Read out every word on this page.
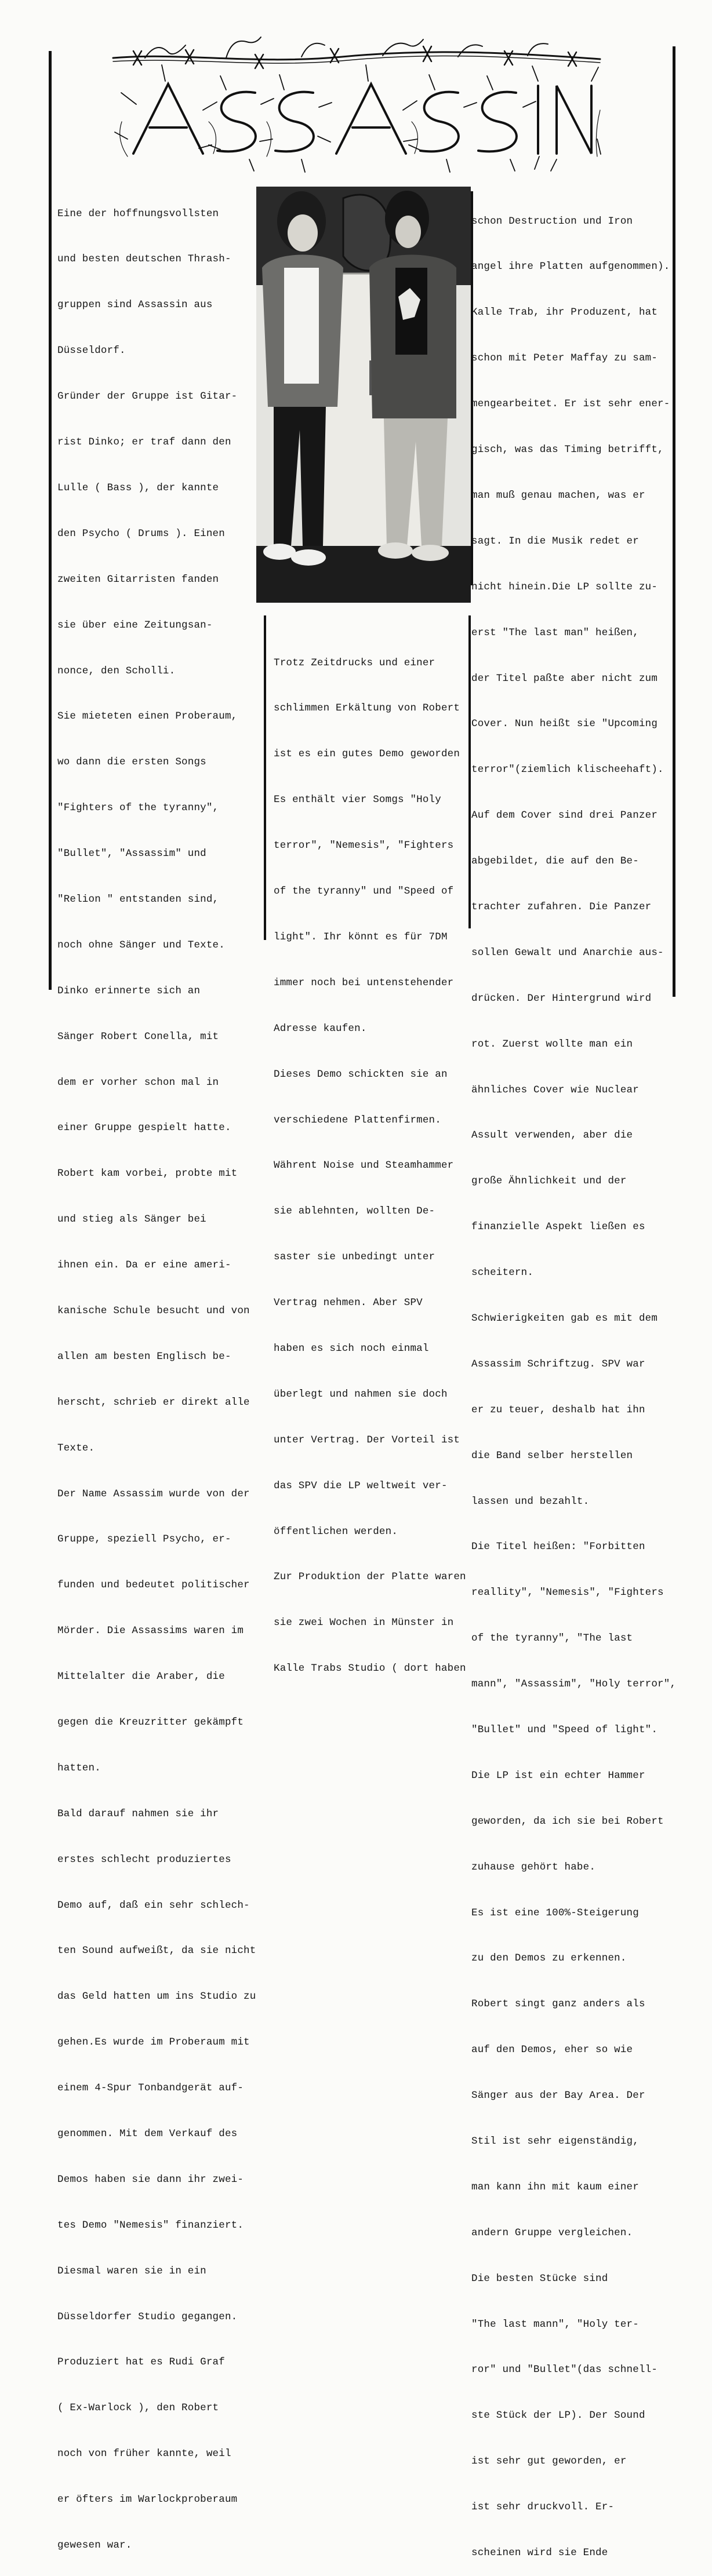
Eine der hoffnungsvollsten

und besten deutschen Thrash-

gruppen sind Assassin aus

Düsseldorf.

Gründer der Gruppe ist Gitar-

rist Dinko; er traf dann den

Lulle ( Bass ), der kannte

den Psycho ( Drums ). Einen

zweiten Gitarristen fanden

sie über eine Zeitungsan-

nonce, den Scholli.

Sie mieteten einen Proberaum,

wo dann die ersten Songs

"Fighters of the tyranny",

"Bullet", "Assassim" und

"Relion " entstanden sind,

noch ohne Sänger und Texte.

Dinko erinnerte sich an

Sänger Robert Conella, mit

dem er vorher schon mal in

einer Gruppe gespielt hatte.

Robert kam vorbei, probte mit

und stieg als Sänger bei

ihnen ein. Da er eine ameri-

kanische Schule besucht und von

allen am besten Englisch be-

herscht, schrieb er direkt alle

Texte.

Der Name Assassim wurde von der

Gruppe, speziell Psycho, er-

funden und bedeutet politischer

Mörder. Die Assassims waren im

Mittelalter die Araber, die

gegen die Kreuzritter gekämpft

hatten.

Bald darauf nahmen sie ihr

erstes schlecht produziertes

Demo auf, daß ein sehr schlech-

ten Sound aufweißt, da sie nicht

das Geld hatten um ins Studio zu

gehen.Es wurde im Proberaum mit

einem 4-Spur Tonbandgerät auf-

genommen. Mit dem Verkauf des

Demos haben sie dann ihr zwei-

tes Demo "Nemesis" finanziert.

Diesmal waren sie in ein

Düsseldorfer Studio gegangen.

Produziert hat es Rudi Graf

( Ex-Warlock ), den Robert

noch von früher kannte, weil

er öfters im Warlockproberaum

gewesen war.

Trotz Zeitdrucks und einer

schlimmen Erkältung von Robert

ist es ein gutes Demo geworden

Es enthält vier Somgs "Holy

terror", "Nemesis", "Fighters

of the tyranny" und "Speed of

light". Ihr könnt es für 7DM

immer noch bei untenstehender

Adresse kaufen.

Dieses Demo schickten sie an

verschiedene Plattenfirmen.

Währent Noise und Steamhammer

sie ablehnten, wollten De-

saster sie unbedingt unter

Vertrag nehmen. Aber SPV

haben es sich noch einmal

überlegt und nahmen sie doch

unter Vertrag. Der Vorteil ist

das SPV die LP weltweit ver-

öffentlichen werden.

Zur Produktion der Platte waren

sie zwei Wochen in Münster in

Kalle Trabs Studio ( dort haben

schon Destruction und Iron

angel ihre Platten aufgenommen).

Kalle Trab, ihr Produzent, hat

schon mit Peter Maffay zu sam-

mengearbeitet. Er ist sehr ener-

gisch, was das Timing betrifft,

man muß genau machen, was er

sagt. In die Musik redet er

nicht hinein.Die LP sollte zu-

erst "The last man" heißen,

der Titel paßte aber nicht zum

Cover. Nun heißt sie "Upcoming

terror"(ziemlich klischeehaft).

Auf dem Cover sind drei Panzer

abgebildet, die auf den Be-

trachter zufahren. Die Panzer

sollen Gewalt und Anarchie aus-

drücken. Der Hintergrund wird

rot. Zuerst wollte man ein

ähnliches Cover wie Nuclear

Assult verwenden, aber die

große Ähnlichkeit und der

finanzielle Aspekt ließen es

scheitern.

Schwierigkeiten gab es mit dem

Assassim Schriftzug. SPV war

er zu teuer, deshalb hat ihn

die Band selber herstellen

lassen und bezahlt.

Die Titel heißen: "Forbitten

reallity", "Nemesis", "Fighters

of the tyranny", "The last

mann", "Assassim", "Holy terror",

"Bullet" und "Speed of light".

Die LP ist ein echter Hammer

geworden, da ich sie bei Robert

zuhause gehört habe.

Es ist eine 100%-Steigerung

zu den Demos zu erkennen.

Robert singt ganz anders als

auf den Demos, eher so wie

Sänger aus der Bay Area. Der

Stil ist sehr eigenständig,

man kann ihn mit kaum einer

andern Gruppe vergleichen.

Die besten Stücke sind

"The last mann", "Holy ter-

ror" und "Bullet"(das schnell-

ste Stück der LP). Der Sound

ist sehr gut geworden, er

ist sehr druckvoll. Er-

scheinen wird sie Ende
